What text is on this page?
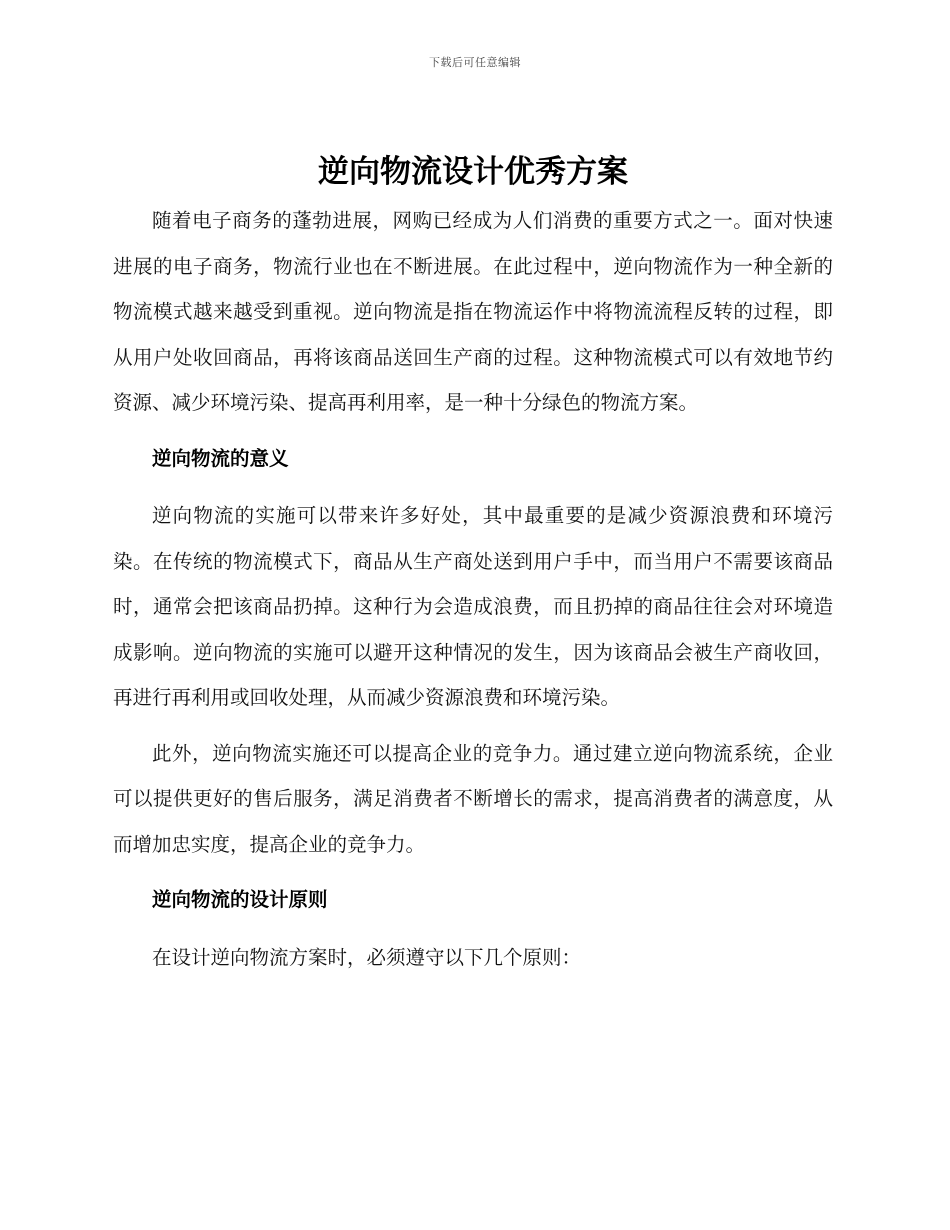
下载后可任意编辑
逆向物流设计优秀方案

随着电子商务的蓬勃进展，网购已经成为人们消费的重要方式之一。面对快速进展的电子商务，物流行业也在不断进展。在此过程中，逆向物流作为一种全新的物流模式越来越受到重视。逆向物流是指在物流运作中将物流流程反转的过程，即从用户处收回商品，再将该商品送回生产商的过程。这种物流模式可以有效地节约资源、减少环境污染、提高再利用率，是一种十分绿色的物流方案。

逆向物流的意义

逆向物流的实施可以带来许多好处，其中最重要的是减少资源浪费和环境污染。在传统的物流模式下，商品从生产商处送到用户手中，而当用户不需要该商品时，通常会把该商品扔掉。这种行为会造成浪费，而且扔掉的商品往往会对环境造成影响。逆向物流的实施可以避开这种情况的发生，因为该商品会被生产商收回，再进行再利用或回收处理，从而减少资源浪费和环境污染。

此外，逆向物流实施还可以提高企业的竞争力。通过建立逆向物流系统，企业可以提供更好的售后服务，满足消费者不断增长的需求，提高消费者的满意度，从而增加忠实度，提高企业的竞争力。

逆向物流的设计原则

在设计逆向物流方案时，必须遵守以下几个原则：
